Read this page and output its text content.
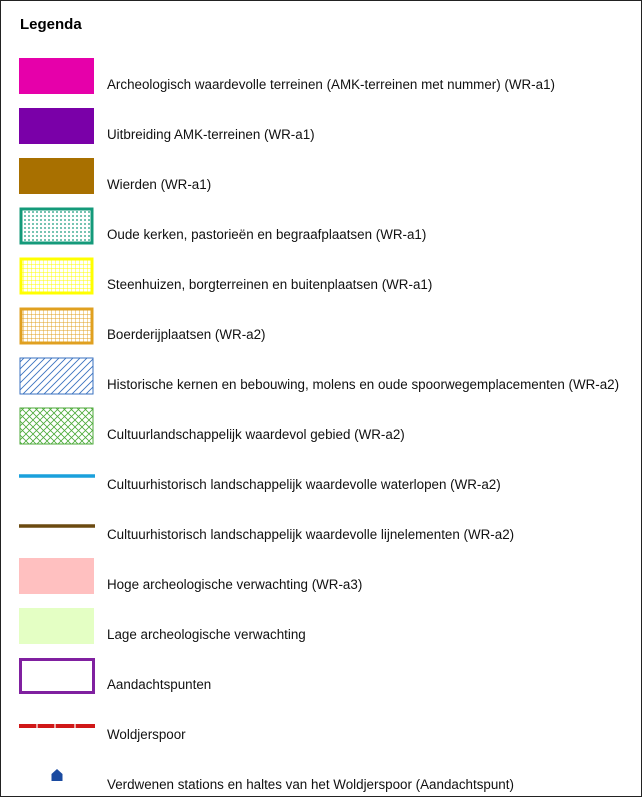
Legenda
Archeologisch waardevolle terreinen (AMK-terreinen met nummer) (WR-a1)
Uitbreiding AMK-terreinen (WR-a1)
Wierden (WR-a1)
Oude kerken, pastorieën en begraafplaatsen (WR-a1)
Steenhuizen, borgterreinen en buitenplaatsen (WR-a1)
Boerderijplaatsen (WR-a2)
Historische kernen en bebouwing, molens en oude spoorwegemplacementen (WR-a2)
Cultuurlandschappelijk waardevol gebied (WR-a2)
Cultuurhistorisch landschappelijk waardevolle waterlopen (WR-a2)
Cultuurhistorisch landschappelijk waardevolle lijnelementen (WR-a2)
Hoge archeologische verwachting (WR-a3)
Lage archeologische verwachting
Aandachtspunten
Woldjerspoor
Verdwenen stations en haltes van het Woldjerspoor (Aandachtspunt)
